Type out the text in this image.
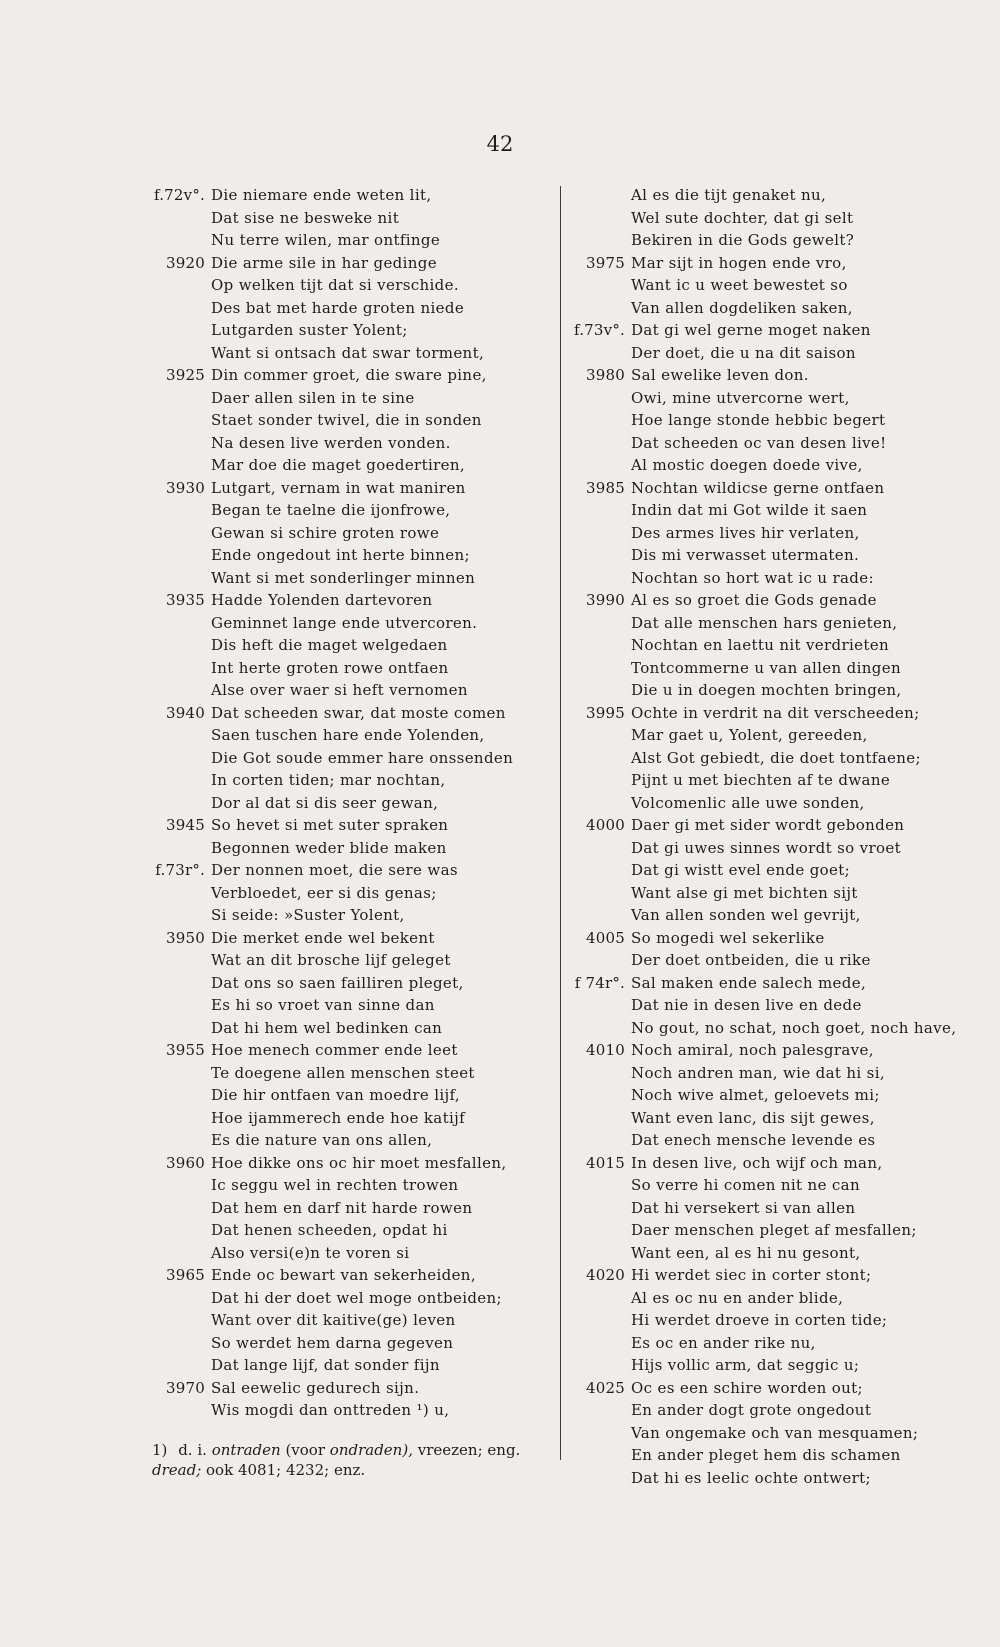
42
f.72v°. Die niemare ende weten lit,
Dat sise ne besweke nit
Nu terre wilen, mar ontfinge
3920 Die arme sile in har gedinge
Op welken tijt dat si verschide.
Des bat met harde groten niede
Lutgarden suster Yolent;
Want si ontsach dat swar torment,
3925 Din commer groet, die sware pine,
Daer allen silen in te sine
Staet sonder twivel, die in sonden
Na desen live werden vonden.
Mar doe die maget goedertiren,
3930 Lutgart, vernam in wat maniren
Began te taelne die ijonfrowe,
Gewan si schire groten rowe
Ende ongedout int herte binnen;
Want si met sonderlinger minnen
3935 Hadde Yolenden dartevoren
Geminnet lange ende utvercoren.
Dis heft die maget welgedaen
Int herte groten rowe ontfaen
Alse over waer si heft vernomen
3940 Dat scheeden swar, dat moste comen
Saen tuschen hare ende Yolenden,
Die Got soude emmer hare onssenden
In corten tiden; mar nochtan,
Dor al dat si dis seer gewan,
3945 So hevet si met suter spraken
Begonnen weder blide maken
f.73r°. Der nonnen moet, die sere was
Verbloedet, eer si dis genas;
Si seide: »Suster Yolent,
3950 Die merket ende wel bekent
Wat an dit brosche lijf geleget
Dat ons so saen failliren pleget,
Es hi so vroet van sinne dan
Dat hi hem wel bedinken can
3955 Hoe menech commer ende leet
Te doegene allen menschen steet
Die hir ontfaen van moedre lijf,
Hoe ijammerech ende hoe katijf
Es die nature van ons allen,
3960 Hoe dikke ons oc hir moet mesfallen,
Ic seggu wel in rechten trowen
Dat hem en darf nit harde rowen
Dat henen scheeden, opdat hi
Also versi(e)n te voren si
3965 Ende oc bewart van sekerheiden,
Dat hi der doet wel moge ontbeiden;
Want over dit kaitive(ge) leven
So werdet hem darna gegeven
Dat lange lijf, dat sonder fijn
3970 Sal eewelic gedurech sijn.
Wis mogdi dan onttreden ¹) u,
Al es die tijt genaket nu,
Wel sute dochter, dat gi selt
Bekiren in die Gods gewelt?
3975 Mar sijt in hogen ende vro,
Want ic u weet bewestet so
Van allen dogdeliken saken,
f.73v°. Dat gi wel gerne moget naken
Der doet, die u na dit saison
3980 Sal ewelike leven don.
Owi, mine utvercorne wert,
Hoe lange stonde hebbic begert
Dat scheeden oc van desen live!
Al mostic doegen doede vive,
3985 Nochtan wildicse gerne ontfaen
Indin dat mi Got wilde it saen
Des armes lives hir verlaten,
Dis mi verwasset utermaten.
Nochtan so hort wat ic u rade:
3990 Al es so groet die Gods genade
Dat alle menschen hars genieten,
Nochtan en laettu nit verdrieten
Tontcommerne u van allen dingen
Die u in doegen mochten bringen,
3995 Ochte in verdrit na dit verscheeden;
Mar gaet u, Yolent, gereeden,
Alst Got gebiedt, die doet tontfaene;
Pijnt u met biechten af te dwane
Volcomenlic alle uwe sonden,
4000 Daer gi met sider wordt gebonden
Dat gi uwes sinnes wordt so vroet
Dat gi wistt evel ende goet;
Want alse gi met bichten sijt
Van allen sonden wel gevrijt,
4005 So mogedi wel sekerlike
Der doet ontbeiden, die u rike
f 74r°. Sal maken ende salech mede,
Dat nie in desen live en dede
No gout, no schat, noch goet, noch have,
4010 Noch amiral, noch palesgrave,
Noch andren man, wie dat hi si,
Noch wive almet, geloevets mi;
Want even lanc, dis sijt gewes,
Dat enech mensche levende es
4015 In desen live, och wijf och man,
So verre hi comen nit ne can
Dat hi versekert si van allen
Daer menschen pleget af mesfallen;
Want een, al es hi nu gesont,
4020 Hi werdet siec in corter stont;
Al es oc nu en ander blide,
Hi werdet droeve in corten tide;
Es oc en ander rike nu,
Hijs vollic arm, dat seggic u;
4025 Oc es een schire worden out;
En ander dogt grote ongedout
Van ongemake och van mesquamen;
En ander pleget hem dis schamen
Dat hi es leelic ochte ontwert;
1) d. i. ontraden (voor ondraden), vreezen; eng.
dread; ook 4081; 4232; enz.
